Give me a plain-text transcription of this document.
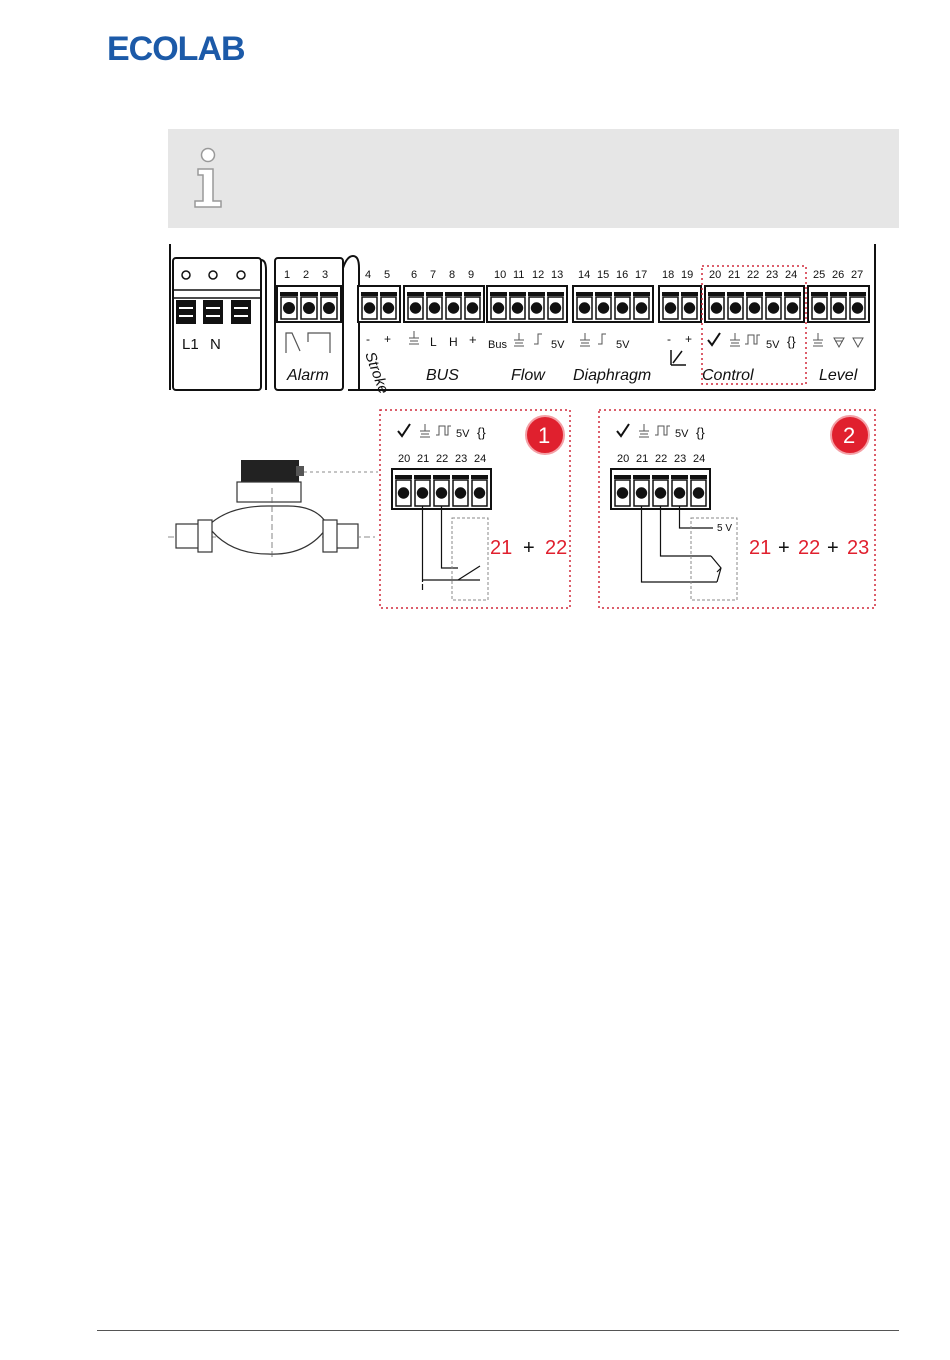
ECOLAB
L1 N
1 2 3
Alarm
4 5
- +
Stroke
6 7 8 9
L H +
BUS
10 11 12 13
Bus	5V
Flow
14 15 16 17
5V
Diaphragm
18 19
- +
20 21 22 23 24
5V {}
Control
25 26 27
Level
1
5V {}
20 21 22 23 24
21 + 22
2
5V {}
20 21 22 23 24
5 V
21 + 22 + 23
